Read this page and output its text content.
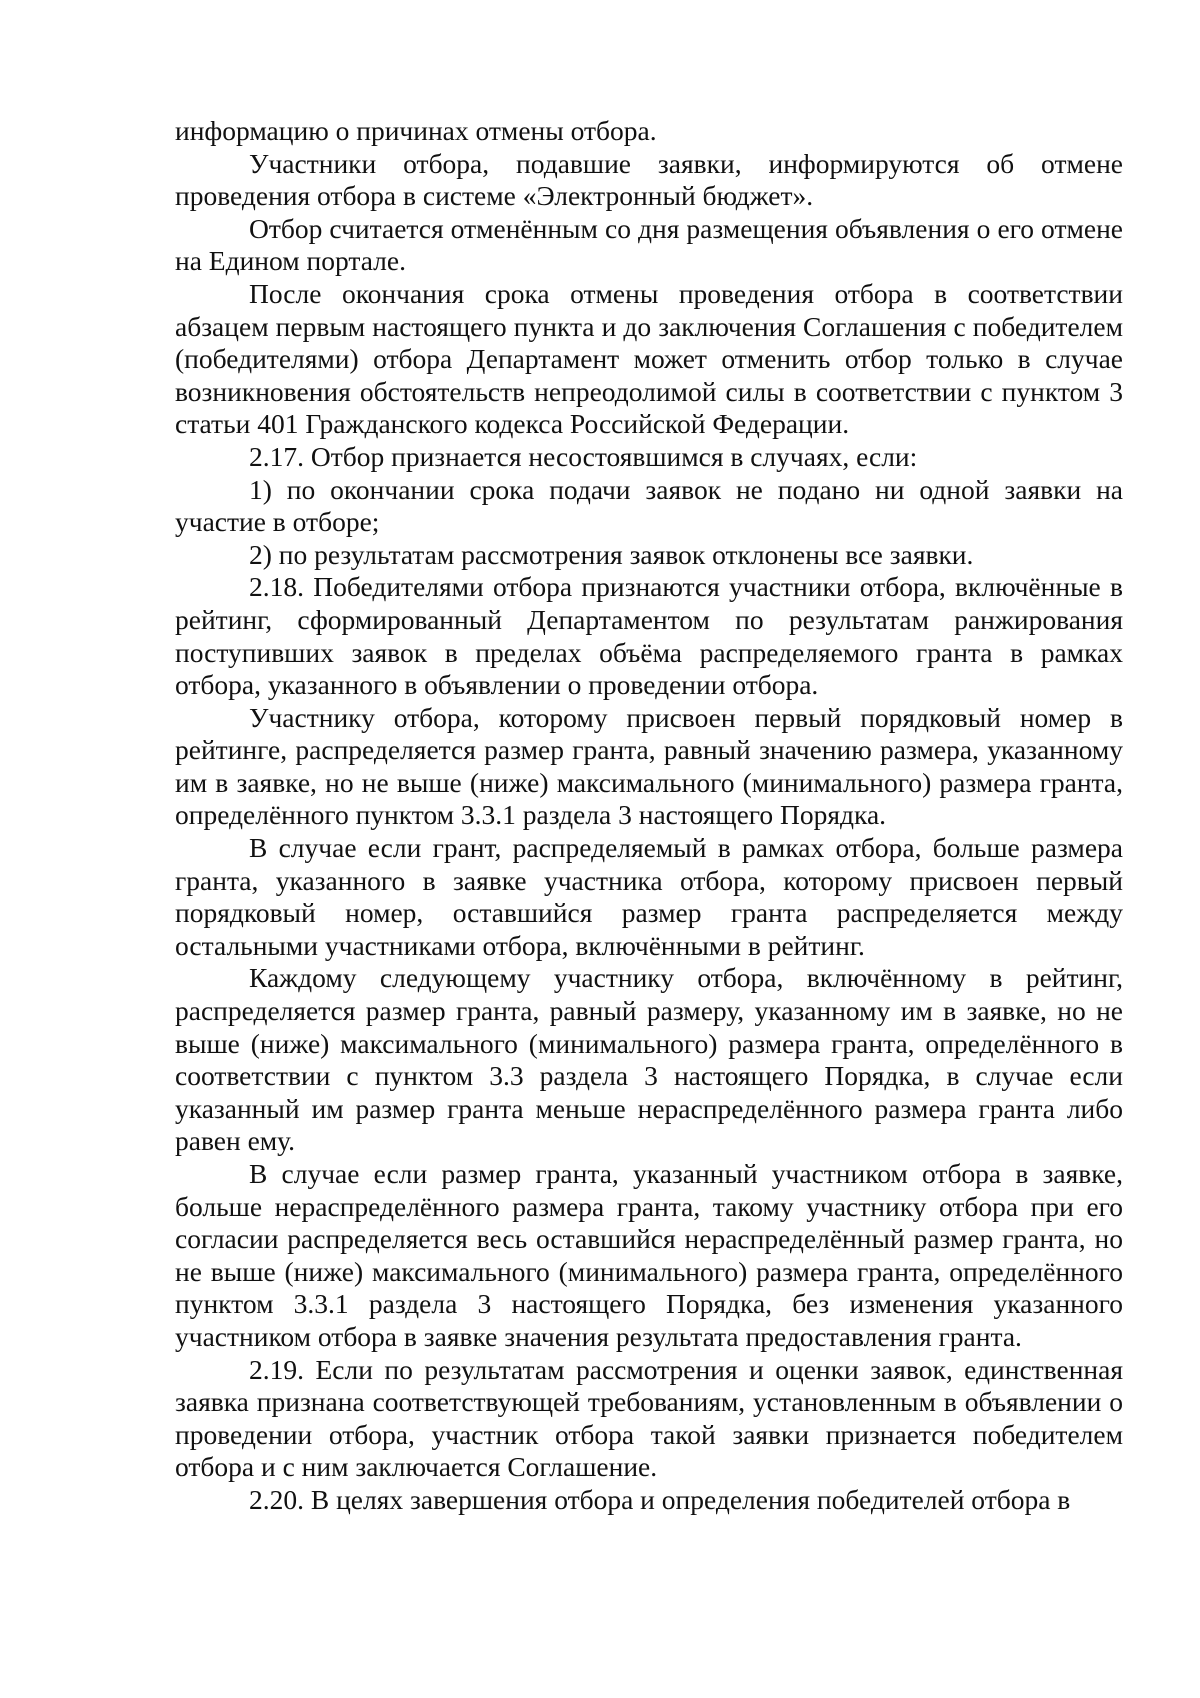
информацию о причинах отмены отбора.

Участники отбора, подавшие заявки, информируются об отмене проведения отбора в системе «Электронный бюджет».

Отбор считается отменённым со дня размещения объявления о его отмене на Едином портале.

После окончания срока отмены проведения отбора в соответствии абзацем первым настоящего пункта и до заключения Соглашения с победителем (победителями) отбора Департамент может отменить отбор только в случае возникновения обстоятельств непреодолимой силы в соответствии с пунктом 3 статьи 401 Гражданского кодекса Российской Федерации.

2.17. Отбор признается несостоявшимся в случаях, если:

1) по окончании срока подачи заявок не подано ни одной заявки на участие в отборе;

2) по результатам рассмотрения заявок отклонены все заявки.

2.18. Победителями отбора признаются участники отбора, включённые в рейтинг, сформированный Департаментом по результатам ранжирования поступивших заявок в пределах объёма распределяемого гранта в рамках отбора, указанного в объявлении о проведении отбора.

Участнику отбора, которому присвоен первый порядковый номер в рейтинге, распределяется размер гранта, равный значению размера, указанному им в заявке, но не выше (ниже) максимального (минимального) размера гранта, определённого пунктом 3.3.1 раздела 3 настоящего Порядка.

В случае если грант, распределяемый в рамках отбора, больше размера гранта, указанного в заявке участника отбора, которому присвоен первый порядковый номер, оставшийся размер гранта распределяется между остальными участниками отбора, включёнными в рейтинг.

Каждому следующему участнику отбора, включённому в рейтинг, распределяется размер гранта, равный размеру, указанному им в заявке, но не выше (ниже) максимального (минимального) размера гранта, определённого в соответствии с пунктом 3.3 раздела 3 настоящего Порядка, в случае если указанный им размер гранта меньше нераспределённого размера гранта либо равен ему.

В случае если размер гранта, указанный участником отбора в заявке, больше нераспределённого размера гранта, такому участнику отбора при его согласии распределяется весь оставшийся нераспределённый размер гранта, но не выше (ниже) максимального (минимального) размера гранта, определённого пунктом 3.3.1 раздела 3 настоящего Порядка, без изменения указанного участником отбора в заявке значения результата предоставления гранта.

2.19. Если по результатам рассмотрения и оценки заявок, единственная заявка признана соответствующей требованиям, установленным в объявлении о проведении отбора, участник отбора такой заявки признается победителем отбора и с ним заключается Соглашение.

2.20. В целях завершения отбора и определения победителей отбора в
